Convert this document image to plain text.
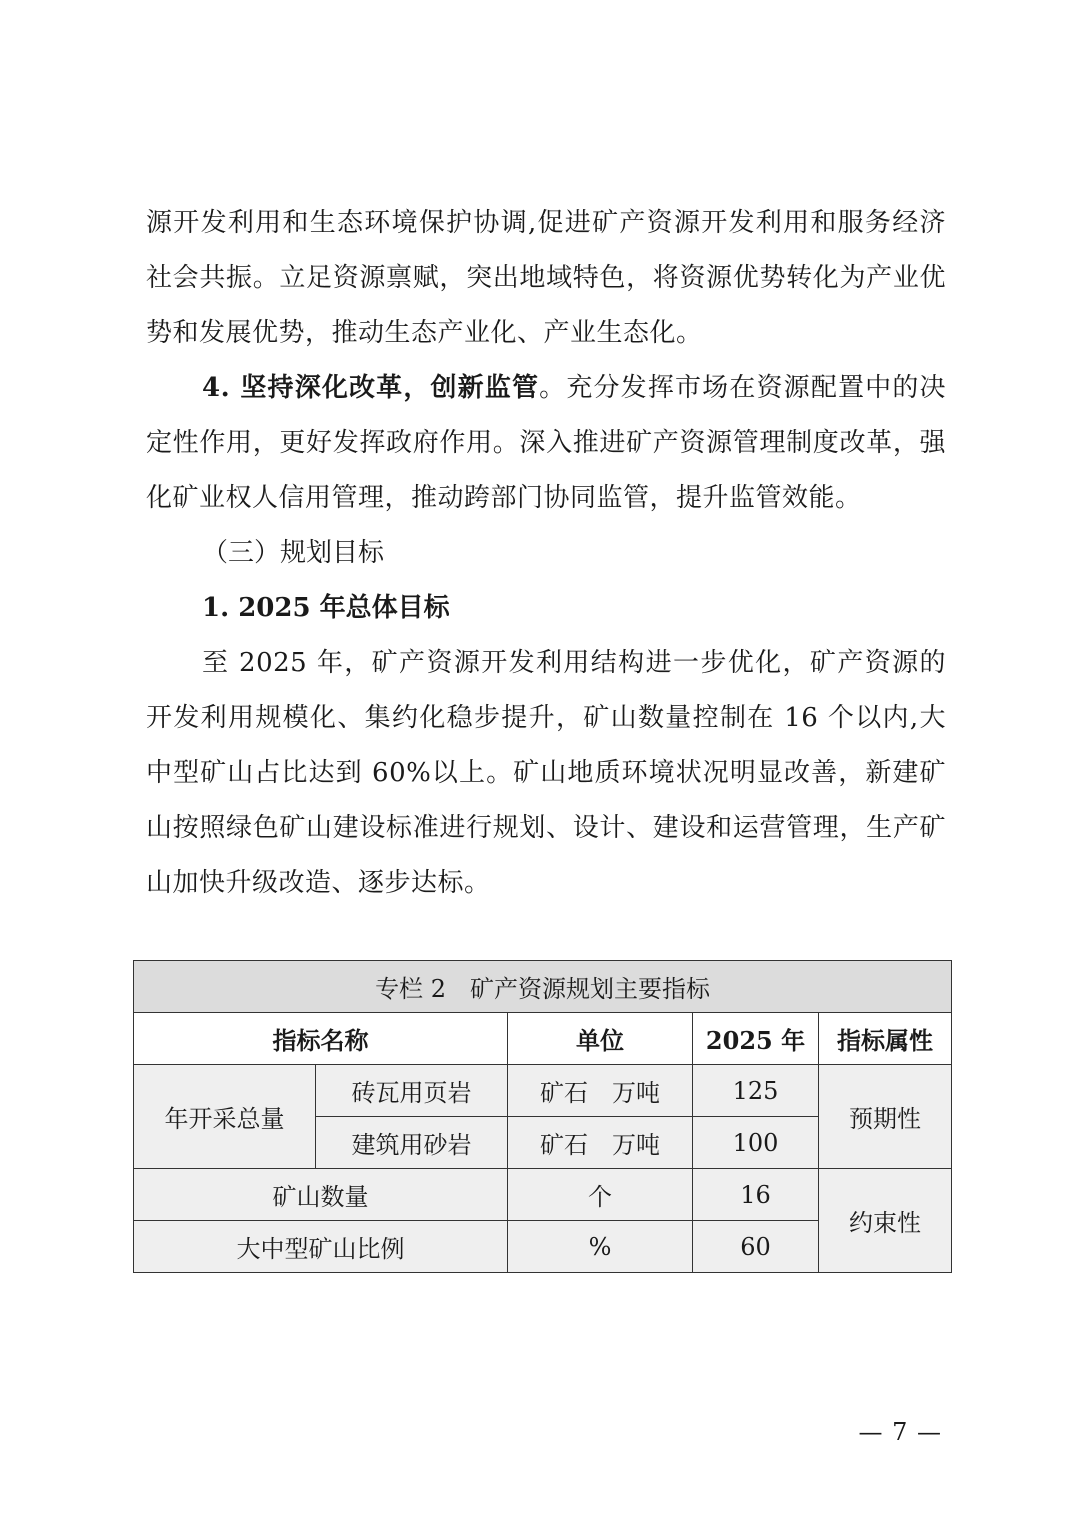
源开发利用和生态环境保护协调,促进矿产资源开发利用和服务经济社会共振。立足资源禀赋，突出地域特色，将资源优势转化为产业优势和发展优势，推动生态产业化、产业生态化。

4. 坚持深化改革，创新监管。充分发挥市场在资源配置中的决定性作用，更好发挥政府作用。深入推进矿产资源管理制度改革，强化矿业权人信用管理，推动跨部门协同监管，提升监管效能。

（三）规划目标

1. 2025 年总体目标

至 2025 年，矿产资源开发利用结构进一步优化，矿产资源的开发利用规模化、集约化稳步提升，矿山数量控制在 16 个以内,大中型矿山占比达到 60%以上。矿山地质环境状况明显改善，新建矿山按照绿色矿山建设标准进行规划、设计、建设和运营管理，生产矿山加快升级改造、逐步达标。

专栏 2　矿产资源规划主要指标				
指标名称		单位	2025 年	指标属性
年开采总量	砖瓦用页岩	矿石　万吨	125	预期性
	建筑用砂岩	矿石　万吨	100	
矿山数量		个	16	约束性
大中型矿山比例		%	60	
— 7 —
